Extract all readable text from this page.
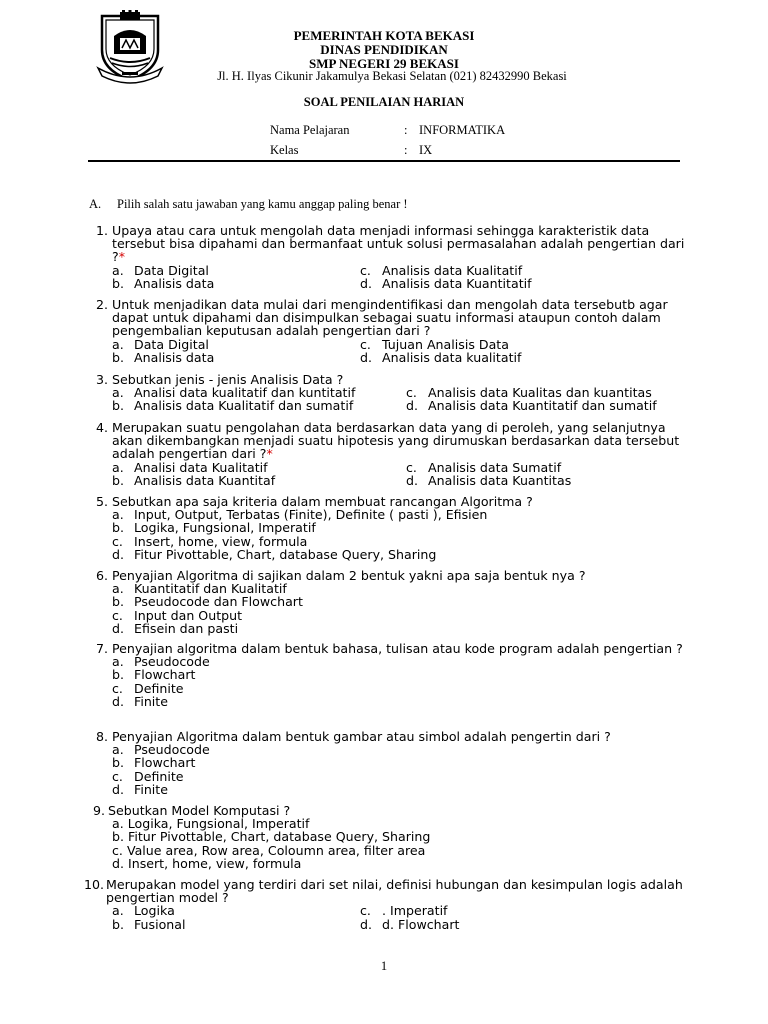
PEMERINTAH KOTA BEKASI
DINAS PENDIDIKAN
SMP NEGERI 29 BEKASI
Jl. H. Ilyas Cikunir Jakamulya Bekasi Selatan (021) 82432990 Bekasi
SOAL PENILAIAN HARIAN
Nama Pelajaran	: INFORMATIKA
Kelas	: IX
A. Pilih salah satu jawaban yang kamu anggap paling benar !
1. Upaya atau cara untuk mengolah data menjadi informasi sehingga karakteristik data tersebut bisa dipahami dan bermanfaat untuk solusi permasalahan adalah pengertian dari ?*
a. Data Digital	c. Analisis data Kualitatif
b. Analisis data	d. Analisis data Kuantitatif
2. Untuk menjadikan data mulai dari mengindentifikasi dan mengolah data tersebutb agar dapat untuk dipahami dan disimpulkan sebagai suatu informasi ataupun contoh dalam pengembalian keputusan adalah pengertian dari ?
a. Data Digital	c. Tujuan Analisis Data
b. Analisis data	d. Analisis data kualitatif
3. Sebutkan jenis - jenis Analisis Data ?
a. Analisi data kualitatif dan kuntitatif	c. Analisis data Kualitas dan kuantitas
b. Analisis data Kualitatif dan sumatif	d. Analisis data Kuantitatif dan sumatif
4. Merupakan suatu pengolahan data berdasarkan data yang di peroleh, yang selanjutnya akan dikembangkan menjadi suatu hipotesis yang dirumuskan berdasarkan data tersebut adalah pengertian dari ?*
a. Analisi data Kualitatif	c. Analisis data Sumatif
b. Analisis data Kuantitaf	d. Analisis data Kuantitas
5. Sebutkan apa saja kriteria dalam membuat rancangan Algoritma ?
a. Input, Output, Terbatas (Finite), Definite ( pasti ), Efisien
b. Logika, Fungsional, Imperatif
c. Insert, home, view, formula
d. Fitur Pivottable, Chart, database Query, Sharing
6. Penyajian Algoritma di sajikan dalam 2 bentuk yakni apa saja bentuk nya ?
a. Kuantitatif dan Kualitatif
b. Pseudocode dan Flowchart
c. Input dan Output
d. Efisein dan pasti
7. Penyajian algoritma dalam bentuk bahasa, tulisan atau kode program adalah pengertian ?
a. Pseudocode
b. Flowchart
c. Definite
d. Finite
8. Penyajian Algoritma dalam bentuk gambar atau simbol adalah pengertin dari ?
a. Pseudocode
b. Flowchart
c. Definite
d. Finite
9. Sebutkan Model Komputasi ?
a. Logika, Fungsional, Imperatif
b. Fitur Pivottable, Chart, database Query, Sharing
c. Value area, Row area, Coloumn area, filter area
d. Insert, home, view, formula
10. Merupakan model yang terdiri dari set nilai, definisi hubungan dan kesimpulan logis adalah pengertian model ?
a. Logika	c. . Imperatif
b. Fusional	d. d. Flowchart
1
